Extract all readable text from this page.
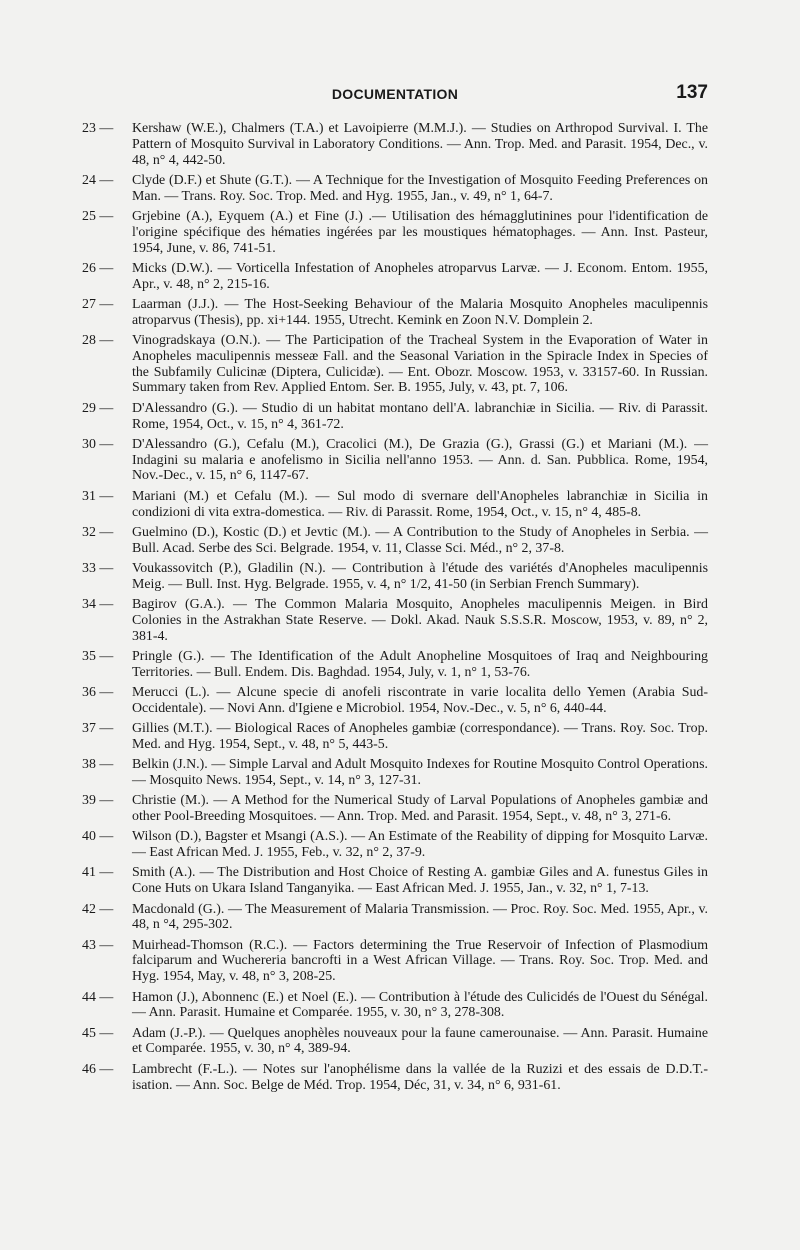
DOCUMENTATION	137
23 —	Kershaw (W.E.), Chalmers (T.A.) et Lavoipierre (M.M.J.). — Studies on Arthropod Survival. I. The Pattern of Mosquito Survival in Laboratory Conditions. — Ann. Trop. Med. and Parasit. 1954, Dec., v. 48, n° 4, 442-50.
24 —	Clyde (D.F.) et Shute (G.T.). — A Technique for the Investigation of Mosquito Feeding Preferences on Man. — Trans. Roy. Soc. Trop. Med. and Hyg. 1955, Jan., v. 49, n° 1, 64-7.
25 —	Grjebine (A.), Eyquem (A.) et Fine (J.) .— Utilisation des hémagglutinines pour l'identification de l'origine spécifique des hématies ingérées par les moustiques hématophages. — Ann. Inst. Pasteur, 1954, June, v. 86, 741-51.
26 —	Micks (D.W.). — Vorticella Infestation of Anopheles atroparvus Larvæ. — J. Econom. Entom. 1955, Apr., v. 48, n° 2, 215-16.
27 —	Laarman (J.J.). — The Host-Seeking Behaviour of the Malaria Mosquito Anopheles maculipennis atroparvus (Thesis), pp. xi+144. 1955, Utrecht. Kemink en Zoon N.V. Domplein 2.
28 —	Vinogradskaya (O.N.). — The Participation of the Tracheal System in the Evaporation of Water in Anopheles maculipennis messeæ Fall. and the Seasonal Variation in the Spiracle Index in Species of the Subfamily Culicinæ (Diptera, Culicidæ). — Ent. Obozr. Moscow. 1953, v. 33157-60. In Russian. Summary taken from Rev. Applied Entom. Ser. B. 1955, July, v. 43, pt. 7, 106.
29 —	D'Alessandro (G.). — Studio di un habitat montano dell'A. labranchiæ in Sicilia. — Riv. di Parassit. Rome, 1954, Oct., v. 15, n° 4, 361-72.
30 —	D'Alessandro (G.), Cefalu (M.), Cracolici (M.), De Grazia (G.), Grassi (G.) et Mariani (M.). — Indagini su malaria e anofelismo in Sicilia nell'anno 1953. — Ann. d. San. Pubblica. Rome, 1954, Nov.-Dec., v. 15, n° 6, 1147-67.
31 —	Mariani (M.) et Cefalu (M.). — Sul modo di svernare dell'Anopheles labranchiæ in Sicilia in condizioni di vita extra-domestica. — Riv. di Parassit. Rome, 1954, Oct., v. 15, n° 4, 485-8.
32 —	Guelmino (D.), Kostic (D.) et Jevtic (M.). — A Contribution to the Study of Anopheles in Serbia. — Bull. Acad. Serbe des Sci. Belgrade. 1954, v. 11, Classe Sci. Méd., n° 2, 37-8.
33 —	Voukassovitch (P.), Gladilin (N.). — Contribution à l'étude des variétés d'Anopheles maculipennis Meig. — Bull. Inst. Hyg. Belgrade. 1955, v. 4, n° 1/2, 41-50 (in Serbian French Summary).
34 —	Bagirov (G.A.). — The Common Malaria Mosquito, Anopheles maculipennis Meigen. in Bird Colonies in the Astrakhan State Reserve. — Dokl. Akad. Nauk S.S.S.R. Moscow, 1953, v. 89, n° 2, 381-4.
35 —	Pringle (G.). — The Identification of the Adult Anopheline Mosquitoes of Iraq and Neighbouring Territories. — Bull. Endem. Dis. Baghdad. 1954, July, v. 1, n° 1, 53-76.
36 —	Merucci (L.). — Alcune specie di anofeli riscontrate in varie localita dello Yemen (Arabia Sud-Occidentale). — Novi Ann. d'Igiene e Microbiol. 1954, Nov.-Dec., v. 5, n° 6, 440-44.
37 —	Gillies (M.T.). — Biological Races of Anopheles gambiæ (correspondance). — Trans. Roy. Soc. Trop. Med. and Hyg. 1954, Sept., v. 48, n° 5, 443-5.
38 —	Belkin (J.N.). — Simple Larval and Adult Mosquito Indexes for Routine Mosquito Control Operations. — Mosquito News. 1954, Sept., v. 14, n° 3, 127-31.
39 —	Christie (M.). — A Method for the Numerical Study of Larval Populations of Anopheles gambiæ and other Pool-Breeding Mosquitoes. — Ann. Trop. Med. and Parasit. 1954, Sept., v. 48, n° 3, 271-6.
40 —	Wilson (D.), Bagster et Msangi (A.S.). — An Estimate of the Reability of dipping for Mosquito Larvæ. — East African Med. J. 1955, Feb., v. 32, n° 2, 37-9.
41 —	Smith (A.). — The Distribution and Host Choice of Resting A. gambiæ Giles and A. funestus Giles in Cone Huts on Ukara Island Tanganyika. — East African Med. J. 1955, Jan., v. 32, n° 1, 7-13.
42 —	Macdonald (G.). — The Measurement of Malaria Transmission. — Proc. Roy. Soc. Med. 1955, Apr., v. 48, n °4, 295-302.
43 —	Muirhead-Thomson (R.C.). — Factors determining the True Reservoir of Infection of Plasmodium falciparum and Wuchereria bancrofti in a West African Village. — Trans. Roy. Soc. Trop. Med. and Hyg. 1954, May, v. 48, n° 3, 208-25.
44 —	Hamon (J.), Abonnenc (E.) et Noel (E.). — Contribution à l'étude des Culicidés de l'Ouest du Sénégal. — Ann. Parasit. Humaine et Comparée. 1955, v. 30, n° 3, 278-308.
45 —	Adam (J.-P.). — Quelques anophèles nouveaux pour la faune camerounaise. — Ann. Parasit. Humaine et Comparée. 1955, v. 30, n° 4, 389-94.
46 —	Lambrecht (F.-L.). — Notes sur l'anophélisme dans la vallée de la Ruzizi et des essais de D.D.T.-isation. — Ann. Soc. Belge de Méd. Trop. 1954, Déc, 31, v. 34, n° 6, 931-61.
